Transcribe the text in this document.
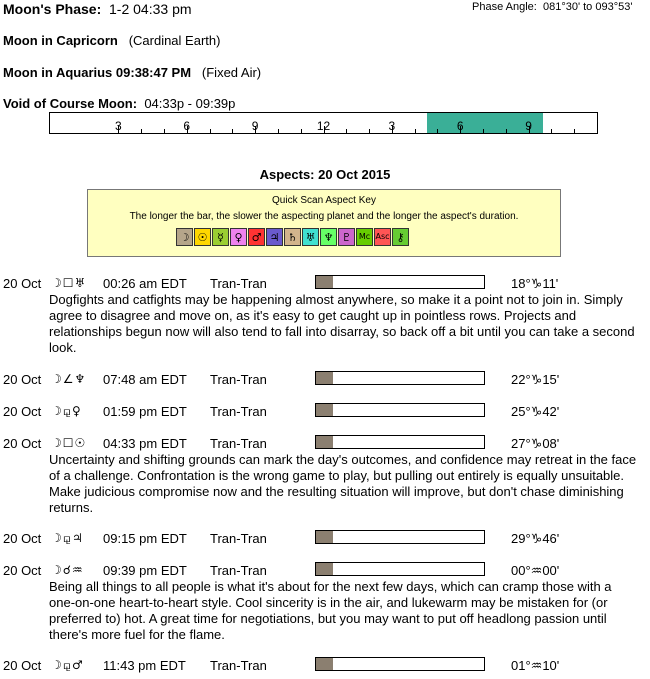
Moon's Phase: 1-2 04:33 pm	Phase Angle: 081°30' to 093°53'
Moon in Capricorn (Cardinal Earth)
Moon in Aquarius 09:38:47 PM (Fixed Air)
Void of Course Moon: 04:33p - 09:39p
3	6	9	12	3	6	9
Aspects: 20 Oct 2015
Quick Scan Aspect Key
The longer the bar, the slower the aspecting planet and the longer the aspect's duration.
☽ ☉ ☿ ♀ ♂ ♃ ♄ ♅ ♆ ♇ Mc Asc ⚷
20 Oct ☽☐♅ 00:26 am EDT Tran-Tran	18°♑11'
Dogfights and catfights may be happening almost anywhere, so make it a point not to join in. Simply agree to disagree and move on, as it's easy to get caught up in pointless rows. Projects and relationships begun now will also tend to fall into disarray, so back off a bit until you can take a second look.
20 Oct ☽∠♆ 07:48 am EDT Tran-Tran	22°♑15'
20 Oct ☽⚼♀ 01:59 pm EDT Tran-Tran	25°♑42'
20 Oct ☽☐☉ 04:33 pm EDT Tran-Tran	27°♑08'
Uncertainty and shifting grounds can mark the day's outcomes, and confidence may retreat in the face of a challenge. Confrontation is the wrong game to play, but pulling out entirely is equally unsuitable. Make judicious compromise now and the resulting situation will improve, but don't chase diminishing returns.
20 Oct ☽⚼♃ 09:15 pm EDT Tran-Tran	29°♑46'
20 Oct ☽☌♒ 09:39 pm EDT Tran-Tran	00°♒00'
Being all things to all people is what it's about for the next few days, which can cramp those with a one-on-one heart-to-heart style. Cool sincerity is in the air, and lukewarm may be mistaken for (or preferred to) hot. A great time for negotiations, but you may want to put off headlong passion until there's more fuel for the flame.
20 Oct ☽⚼♂ 11:43 pm EDT Tran-Tran	01°♒10'
